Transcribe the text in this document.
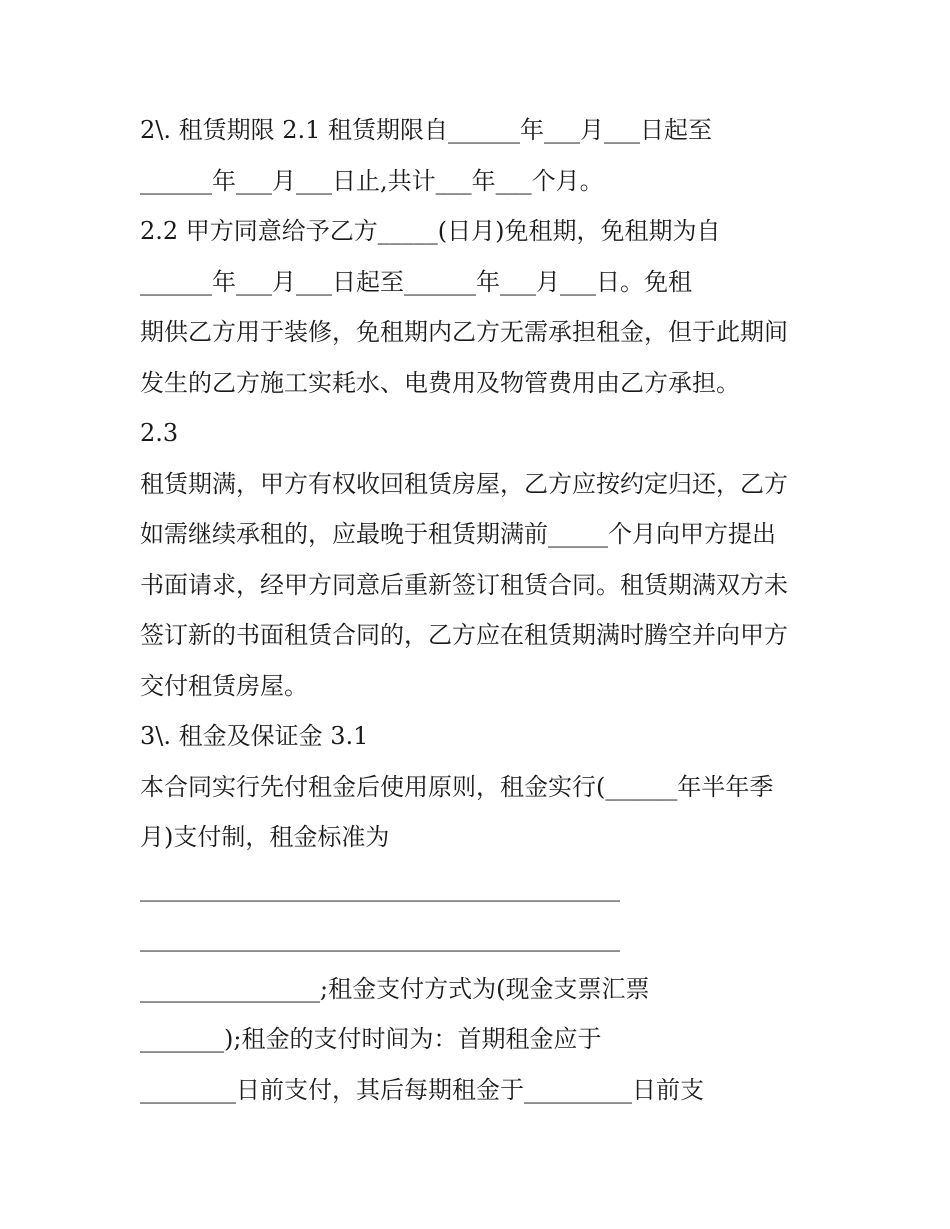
2\. 租赁期限 2.1 租赁期限自______年___月___日起至
______年___月___日止,共计___年___个月。
2.2 甲方同意给予乙方_____(日月)免租期，免租期为自
______年___月___日起至______年___月___日。免租
期供乙方用于装修，免租期内乙方无需承担租金，但于此期间
发生的乙方施工实耗水、电费用及物管费用由乙方承担。
2.3
租赁期满，甲方有权收回租赁房屋，乙方应按约定归还，乙方
如需继续承租的，应最晚于租赁期满前_____个月向甲方提出
书面请求，经甲方同意后重新签订租赁合同。租赁期满双方未
签订新的书面租赁合同的，乙方应在租赁期满时腾空并向甲方
交付租赁房屋。
3\. 租金及保证金 3.1
本合同实行先付租金后使用原则，租金实行(______年半年季
月)支付制，租金标准为
________________________________________
________________________________________
_______________;租金支付方式为(现金支票汇票
_______);租金的支付时间为：首期租金应于
________日前支付，其后每期租金于_________日前支
